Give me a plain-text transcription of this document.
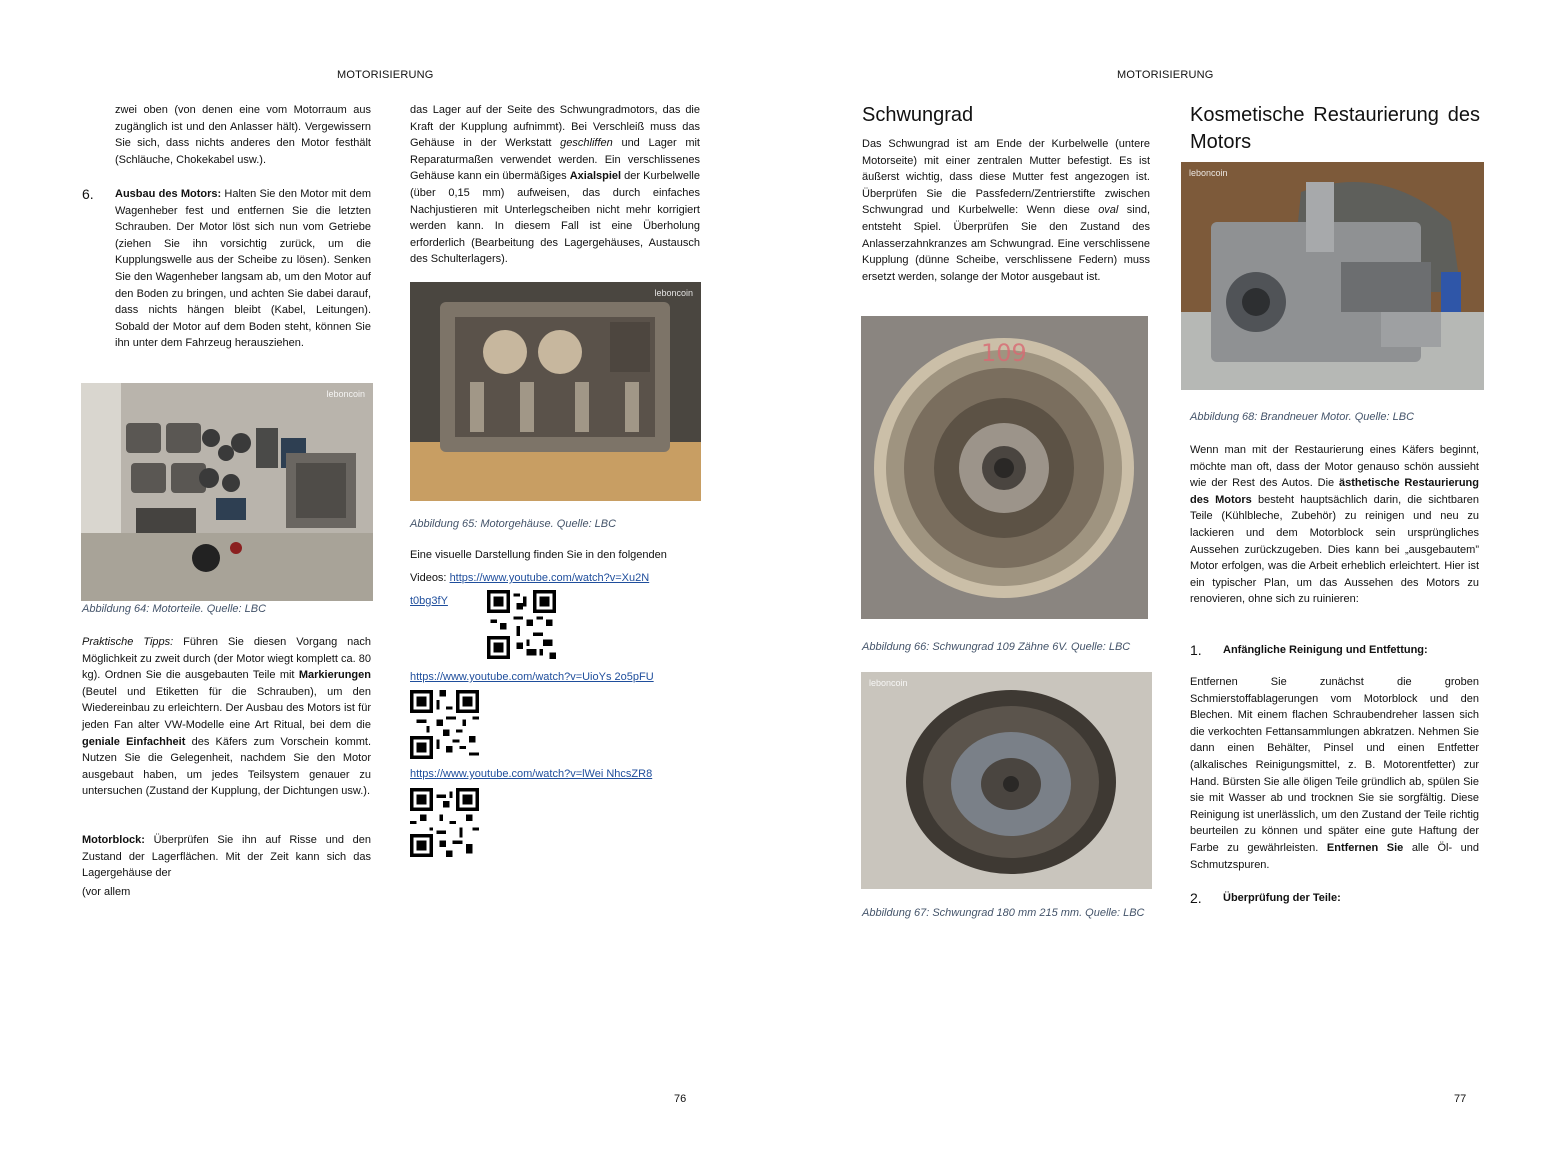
MOTORISIERUNG

zwei oben (von denen eine vom Motorraum aus zugänglich ist und den Anlasser hält). Vergewissern Sie sich, dass nichts anderes den Motor festhält (Schläuche, Chokekabel usw.).

6. Ausbau des Motors: Halten Sie den Motor mit dem Wagenheber fest und entfernen Sie die letzten Schrauben. Der Motor löst sich nun vom Getriebe (ziehen Sie ihn vorsichtig zurück, um die Kupplungswelle aus der Scheibe zu lösen). Senken Sie den Wagenheber langsam ab, um den Motor auf den Boden zu bringen, und achten Sie dabei darauf, dass nichts hängen bleibt (Kabel, Leitungen). Sobald der Motor auf dem Boden steht, können Sie ihn unter dem Fahrzeug herausziehen.

leboncoin
Abbildung 64: Motorteile. Quelle: LBC

Praktische Tipps: Führen Sie diesen Vorgang nach Möglichkeit zu zweit durch (der Motor wiegt komplett ca. 80 kg). Ordnen Sie die ausgebauten Teile mit Markierungen (Beutel und Etiketten für die Schrauben), um den Wiedereinbau zu erleichtern. Der Ausbau des Motors ist für jeden Fan alter VW-Modelle eine Art Ritual, bei dem die geniale Einfachheit des Käfers zum Vorschein kommt. Nutzen Sie die Gelegenheit, nachdem Sie den Motor ausgebaut haben, um jedes Teilsystem genauer zu untersuchen (Zustand der Kupplung, der Dichtungen usw.).

Motorblock: Überprüfen Sie ihn auf Risse und den Zustand der Lagerflächen. Mit der Zeit kann sich das Lagergehäuse der

(vor allem

das Lager auf der Seite des Schwungradmotors, das die Kraft der Kupplung aufnimmt). Bei Verschleiß muss das Gehäuse in der Werkstatt geschliffen und Lager mit Reparaturmaßen verwendet werden. Ein verschlissenes Gehäuse kann ein übermäßiges Axialspiel der Kurbelwelle (über 0,15 mm) aufweisen, das durch einfaches Nachjustieren mit Unterlegscheiben nicht mehr korrigiert werden kann. In diesem Fall ist eine Überholung erforderlich (Bearbeitung des Lagergehäuses, Austausch des Schulterlagers).

leboncoin
Abbildung 65: Motorgehäuse. Quelle: LBC
Eine visuelle Darstellung finden Sie in den folgenden
Videos: https://www.youtube.com/watch?v=Xu2N
t0bg3fY
https://www.youtube.com/watch?v=UioYs 2o5pFU
https://www.youtube.com/watch?v=lWei NhcsZR8
76
MOTORISIERUNG
Schwungrad

Das Schwungrad ist am Ende der Kurbelwelle (untere Motorseite) mit einer zentralen Mutter befestigt. Es ist äußerst wichtig, dass diese Mutter fest angezogen ist. Überprüfen Sie die Passfedern/Zentrierstifte zwischen Schwungrad und Kurbelwelle: Wenn diese oval sind, entsteht Spiel. Überprüfen Sie den Zustand des Anlasserzahnkranzes am Schwungrad. Eine verschlissene Kupplung (dünne Scheibe, verschlissene Federn) muss ersetzt werden, solange der Motor ausgebaut ist.

109
Abbildung 66: Schwungrad 109 Zähne 6V. Quelle: LBC
leboncoin
Abbildung 67: Schwungrad 180 mm 215 mm. Quelle: LBC
Kosmetische Restaurierung des Motors
leboncoin
Abbildung 68: Brandneuer Motor. Quelle: LBC

Wenn man mit der Restaurierung eines Käfers beginnt, möchte man oft, dass der Motor genauso schön aussieht wie der Rest des Autos. Die ästhetische Restaurierung des Motors besteht hauptsächlich darin, die sichtbaren Teile (Kühlbleche, Zubehör) zu reinigen und neu zu lackieren und dem Motorblock sein ursprüngliches Aussehen zurückzugeben. Dies kann bei „ausgebautem” Motor erfolgen, was die Arbeit erheblich erleichtert. Hier ist ein typischer Plan, um das Aussehen des Motors zu renovieren, ohne sich zu ruinieren:

1. Anfängliche Reinigung und Entfettung:

Entfernen Sie zunächst die groben Schmierstoffablagerungen vom Motorblock und den Blechen. Mit einem flachen Schraubendreher lassen sich die verkochten Fettansammlungen abkratzen. Nehmen Sie dann einen Behälter, Pinsel und einen Entfetter (alkalisches Reinigungsmittel, z. B. Motorentfetter) zur Hand. Bürsten Sie alle öligen Teile gründlich ab, spülen Sie sie mit Wasser ab und trocknen Sie sie sorgfältig. Diese Reinigung ist unerlässlich, um den Zustand der Teile richtig beurteilen zu können und später eine gute Haftung der Farbe zu gewährleisten. Entfernen Sie alle Öl- und Schmutzspuren.

2. Überprüfung der Teile:
77
